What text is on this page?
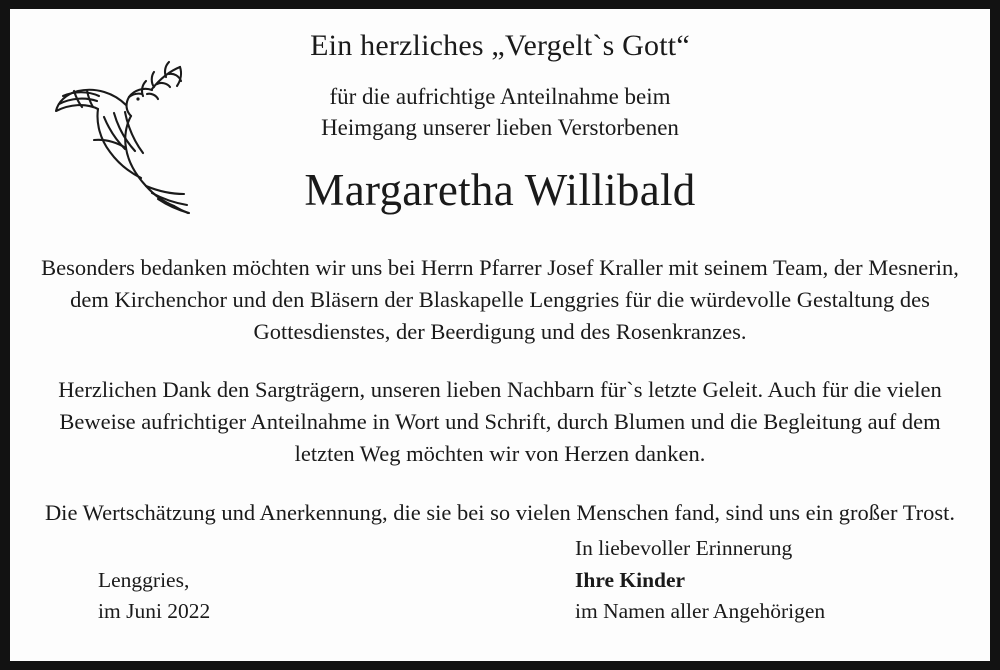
Ein herzliches „Vergelt`s Gott“
für die aufrichtige Anteilnahme beim
Heimgang unserer lieben Verstorbenen
Margaretha Willibald
Besonders bedanken möchten wir uns bei Herrn Pfarrer Josef Kraller mit seinem Team, der Mesnerin, dem Kirchenchor und den Bläsern der Blaskapelle Lenggries für die würdevolle Gestaltung des Gottesdienstes, der Beerdigung und des Rosenkranzes.
Herzlichen Dank den Sargträgern, unseren lieben Nachbarn für`s letzte Geleit. Auch für die vielen Beweise aufrichtiger Anteilnahme in Wort und Schrift, durch Blumen und die Begleitung auf dem letzten Weg möchten wir von Herzen danken.
Die Wertschätzung und Anerkennung, die sie bei so vielen Menschen fand, sind uns ein großer Trost.
Lenggries,
im Juni 2022
In liebevoller Erinnerung
Ihre Kinder
im Namen aller Angehörigen
